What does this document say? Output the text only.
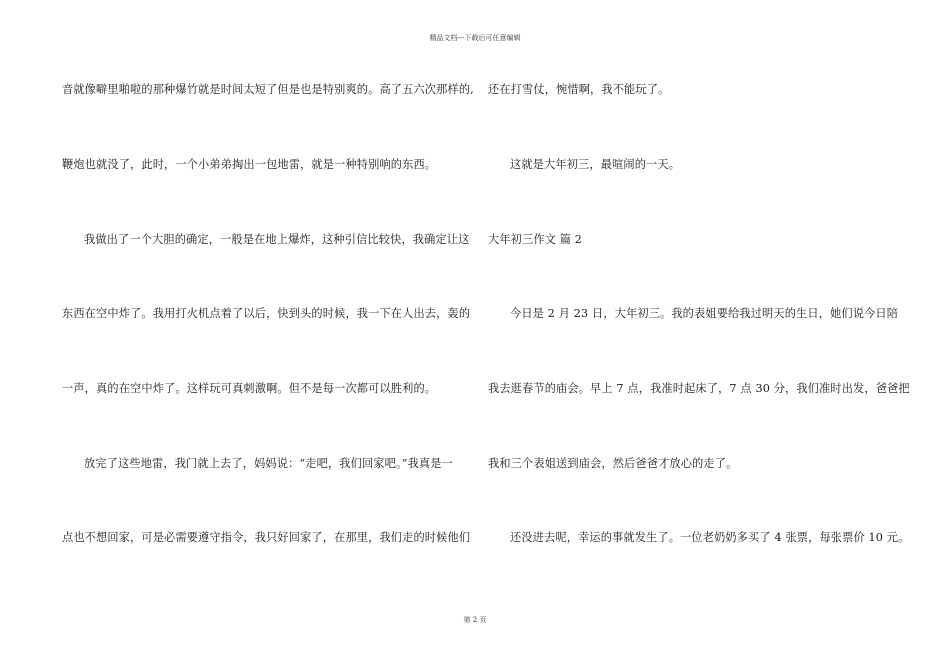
精品文档---下载后可任意编辑
音就像噼里啪啦的那种爆竹就是时间太短了但是也是特别爽的。高了五六次那样的,
鞭炮也就没了，此时，一个小弟弟掏出一包地雷，就是一种特别响的东西。
我做出了一个大胆的确定，一般是在地上爆炸，这种引信比较快，我确定让这
东西在空中炸了。我用打火机点着了以后，快到头的时候，我一下在人出去，轰的
一声，真的在空中炸了。这样玩可真刺激啊。但不是每一次都可以胜利的。
放完了这些地雷，我门就上去了，妈妈说：“走吧，我们回家吧。”我真是一
点也不想回家，可是必需要遵守指令，我只好回家了，在那里，我们走的时候他们
还在打雪仗，惋惜啊，我不能玩了。
这就是大年初三，最喧闹的一天。
大年初三作文 篇 2
今日是 2 月 23 日，大年初三。我的表姐要给我过明天的生日，她们说今日陪
我去逛春节的庙会。早上 7 点，我准时起床了，7 点 30 分，我们准时出发，爸爸把
我和三个表姐送到庙会，然后爸爸才放心的走了。
还没进去呢，幸运的事就发生了。一位老奶奶多买了 4 张票，每张票价 10 元。
第 2 页
